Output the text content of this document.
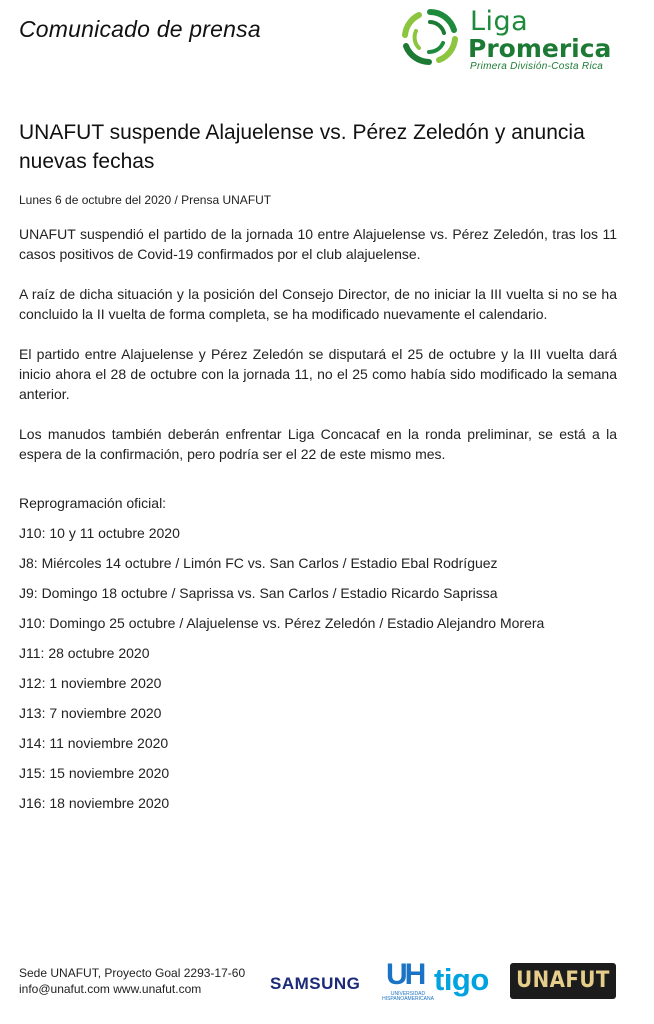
Comunicado de prensa	Liga
Promerica
Primera División-Costa Rica
UNAFUT suspende Alajuelense vs. Pérez Zeledón y anuncia nuevas fechas
Lunes 6 de octubre del 2020 / Prensa UNAFUT

UNAFUT suspendió el partido de la jornada 10 entre Alajuelense vs. Pérez Zeledón, tras los 11 casos positivos de Covid-19 confirmados por el club alajuelense.

A raíz de dicha situación y la posición del Consejo Director, de no iniciar la III vuelta si no se ha concluido la II vuelta de forma completa, se ha modificado nuevamente el calendario.

El partido entre Alajuelense y Pérez Zeledón se disputará el 25 de octubre y la III vuelta dará inicio ahora el 28 de octubre con la jornada 11, no el 25 como había sido modificado la semana anterior.

Los manudos también deberán enfrentar Liga Concacaf en la ronda preliminar, se está a la espera de la confirmación, pero podría ser el 22 de este mismo mes.

Reprogramación oficial:
J10: 10 y 11 octubre 2020
J8: Miércoles 14 octubre / Limón FC vs. San Carlos / Estadio Ebal Rodríguez
J9: Domingo 18 octubre / Saprissa vs. San Carlos / Estadio Ricardo Saprissa
J10: Domingo 25 octubre / Alajuelense vs. Pérez Zeledón / Estadio Alejandro Morera
J11: 28 octubre 2020
J12: 1 noviembre 2020
J13: 7 noviembre 2020
J14: 11 noviembre 2020
J15: 15 noviembre 2020
J16: 18 noviembre 2020
Sede UNAFUT, Proyecto Goal 2293-17-60
info@unafut.com www.unafut.com	SAMSUNG UH
UNIVERSIDAD HISPANOAMERICANA
tigo UNAFUT
